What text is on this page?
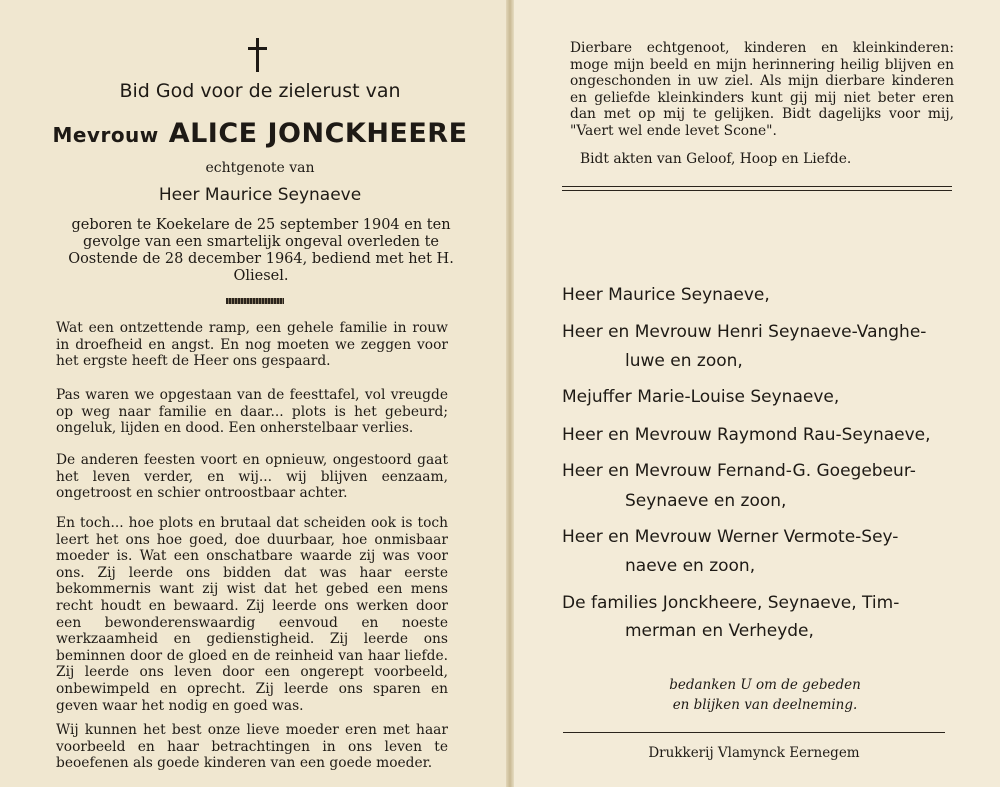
Bid God voor de zielerust van
Mevrouw ALICE JONCKHEERE
echtgenote van
Heer Maurice Seynaeve
geboren te Koekelare de 25 september 1904 en ten gevolge van een smartelijk ongeval overleden te Oostende de 28 december 1964, bediend met het H. Oliesel.

Wat een ontzettende ramp, een gehele familie in rouw in droefheid en angst. En nog moeten we zeggen voor het ergste heeft de Heer ons gespaard.

Pas waren we opgestaan van de feesttafel, vol vreugde op weg naar familie en daar... plots is het gebeurd; ongeluk, lijden en dood. Een onherstelbaar verlies.

De anderen feesten voort en opnieuw, ongestoord gaat het leven verder, en wij... wij blijven eenzaam, ongetroost en schier ontroostbaar achter.

En toch... hoe plots en brutaal dat scheiden ook is toch leert het ons hoe goed, doe duurbaar, hoe onmisbaar moeder is. Wat een onschatbare waarde zij was voor ons. Zij leerde ons bidden dat was haar eerste bekommernis want zij wist dat het gebed een mens recht houdt en bewaard. Zij leerde ons werken door een bewonderenswaardig eenvoud en noeste werkzaamheid en gedienstigheid. Zij leerde ons beminnen door de gloed en de reinheid van haar liefde. Zij leerde ons leven door een ongerept voorbeeld, onbewimpeld en oprecht. Zij leerde ons sparen en geven waar het nodig en goed was.

Wij kunnen het best onze lieve moeder eren met haar voorbeeld en haar betrachtingen in ons leven te beoefenen als goede kinderen van een goede moeder.

Dierbare echtgenoot, kinderen en kleinkinderen: moge mijn beeld en mijn herinnering heilig blijven en ongeschonden in uw ziel. Als mijn dierbare kinderen en geliefde kleinkinders kunt gij mij niet beter eren dan met op mij te gelijken. Bidt dagelijks voor mij, "Vaert wel ende levet Scone".

Bidt akten van Geloof, Hoop en Liefde.

Heer Maurice Seynaeve,

Heer en Mevrouw Henri Seynaeve-Vanghe-

luwe en zoon,

Mejuffer Marie-Louise Seynaeve,

Heer en Mevrouw Raymond Rau-Seynaeve,

Heer en Mevrouw Fernand-G. Goegebeur-

Seynaeve en zoon,

Heer en Mevrouw Werner Vermote-Sey-

naeve en zoon,

De families Jonckheere, Seynaeve, Tim-

merman en Verheyde,

bedanken U om de gebeden
en blijken van deelneming.

Drukkerij Vlamynck Eernegem
